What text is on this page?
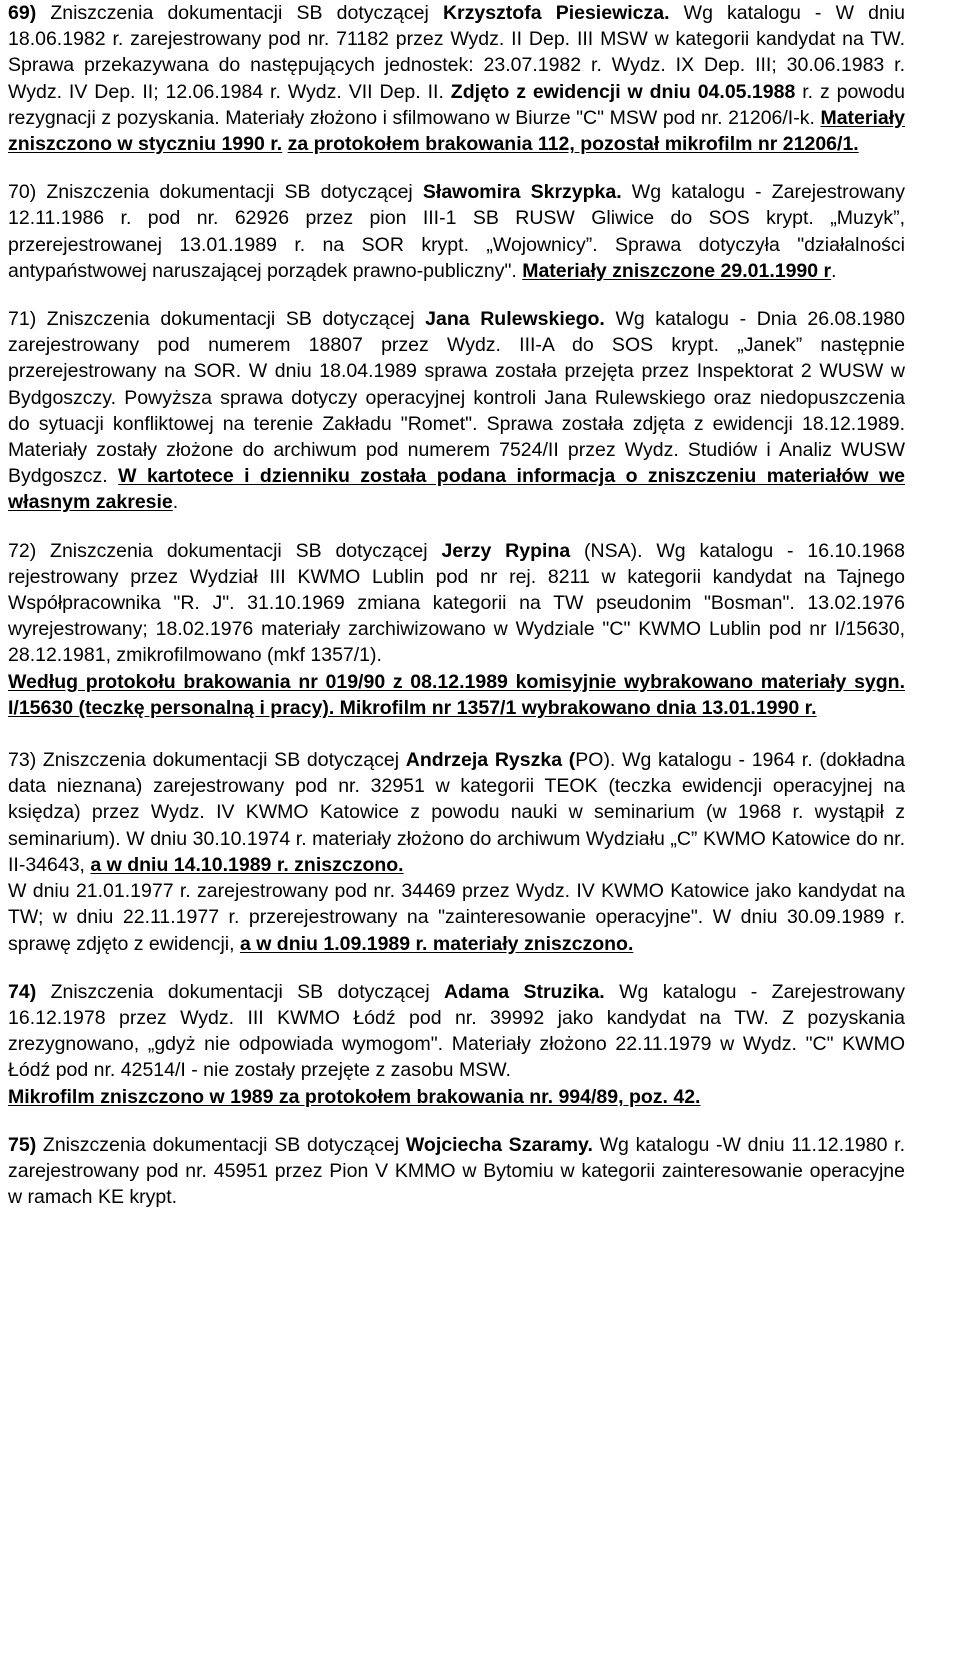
69) Zniszczenia dokumentacji SB dotyczącej Krzysztofa Piesiewicza. Wg katalogu - W dniu 18.06.1982 r. zarejestrowany pod nr. 71182 przez Wydz. II Dep. III MSW w kategorii kandydat na TW. Sprawa przekazywana do następujących jednostek: 23.07.1982 r. Wydz. IX Dep. III; 30.06.1983 r. Wydz. IV Dep. II; 12.06.1984 r. Wydz. VII Dep. II. Zdjęto z ewidencji w dniu 04.05.1988 r. z powodu rezygnacji z pozyskania. Materiały złożono i sfilmowano w Biurze "C" MSW pod nr. 21206/I-k. Materiały zniszczono w styczniu 1990 r. za protokołem brakowania 112, pozostał mikrofilm nr 21206/1.
70) Zniszczenia dokumentacji SB dotyczącej Sławomira Skrzypka. Wg katalogu - Zarejestrowany 12.11.1986 r. pod nr. 62926 przez pion III-1 SB RUSW Gliwice do SOS krypt. „Muzyk”, przerejestrowanej 13.01.1989 r. na SOR krypt. „Wojownicy”. Sprawa dotyczyła "działalności antypaństwowej naruszającej porządek prawno-publiczny". Materiały zniszczone 29.01.1990 r.
71) Zniszczenia dokumentacji SB dotyczącej Jana Rulewskiego. Wg katalogu - Dnia 26.08.1980 zarejestrowany pod numerem 18807 przez Wydz. III-A do SOS krypt. „Janek” następnie przerejestrowany na SOR. W dniu 18.04.1989 sprawa została przejęta przez Inspektorat 2 WUSW w Bydgoszczy. Powyższa sprawa dotyczy operacyjnej kontroli Jana Rulewskiego oraz niedopuszczenia do sytuacji konfliktowej na terenie Zakładu "Romet". Sprawa została zdjęta z ewidencji 18.12.1989. Materiały zostały złożone do archiwum pod numerem 7524/II przez Wydz. Studiów i Analiz WUSW Bydgoszcz. W kartotece i dzienniku została podana informacja o zniszczeniu materiałów we własnym zakresie.
72) Zniszczenia dokumentacji SB dotyczącej Jerzy Rypina (NSA). Wg katalogu - 16.10.1968 rejestrowany przez Wydział III KWMO Lublin pod nr rej. 8211 w kategorii kandydat na Tajnego Współpracownika "R. J". 31.10.1969 zmiana kategorii na TW pseudonim "Bosman". 13.02.1976 wyrejestrowany; 18.02.1976 materiały zarchiwizowano w Wydziale "C" KWMO Lublin pod nr I/15630, 28.12.1981, zmikrofilmowano (mkf 1357/1).
Według protokołu brakowania nr 019/90 z 08.12.1989 komisyjnie wybrakowano materiały sygn. I/15630 (teczkę personalną i pracy). Mikrofilm nr 1357/1 wybrakowano dnia 13.01.1990 r.
73) Zniszczenia dokumentacji SB dotyczącej Andrzeja Ryszka (PO). Wg katalogu - 1964 r. (dokładna data nieznana) zarejestrowany pod nr. 32951 w kategorii TEOK (teczka ewidencji operacyjnej na księdza) przez Wydz. IV KWMO Katowice z powodu nauki w seminarium (w 1968 r. wystąpił z seminarium). W dniu 30.10.1974 r. materiały złożono do archiwum Wydziału „C” KWMO Katowice do nr. II-34643, a w dniu 14.10.1989 r. zniszczono.
W dniu 21.01.1977 r. zarejestrowany pod nr. 34469 przez Wydz. IV KWMO Katowice jako kandydat na TW; w dniu 22.11.1977 r. przerejestrowany na "zainteresowanie operacyjne". W dniu 30.09.1989 r. sprawę zdjęto z ewidencji, a w dniu 1.09.1989 r. materiały zniszczono.
74) Zniszczenia dokumentacji SB dotyczącej Adama Struzika. Wg katalogu - Zarejestrowany 16.12.1978 przez Wydz. III KWMO Łódź pod nr. 39992 jako kandydat na TW. Z pozyskania zrezygnowano, „gdyż nie odpowiada wymogom". Materiały złożono 22.11.1979 w Wydz. "C" KWMO Łódź pod nr. 42514/I - nie zostały przejęte z zasobu MSW.
Mikrofilm zniszczono w 1989 za protokołem brakowania nr. 994/89, poz. 42.
75) Zniszczenia dokumentacji SB dotyczącej Wojciecha Szaramy. Wg katalogu -W dniu 11.12.1980 r. zarejestrowany pod nr. 45951 przez Pion V KMMO w Bytomiu w kategorii zainteresowanie operacyjne w ramach KE krypt.
